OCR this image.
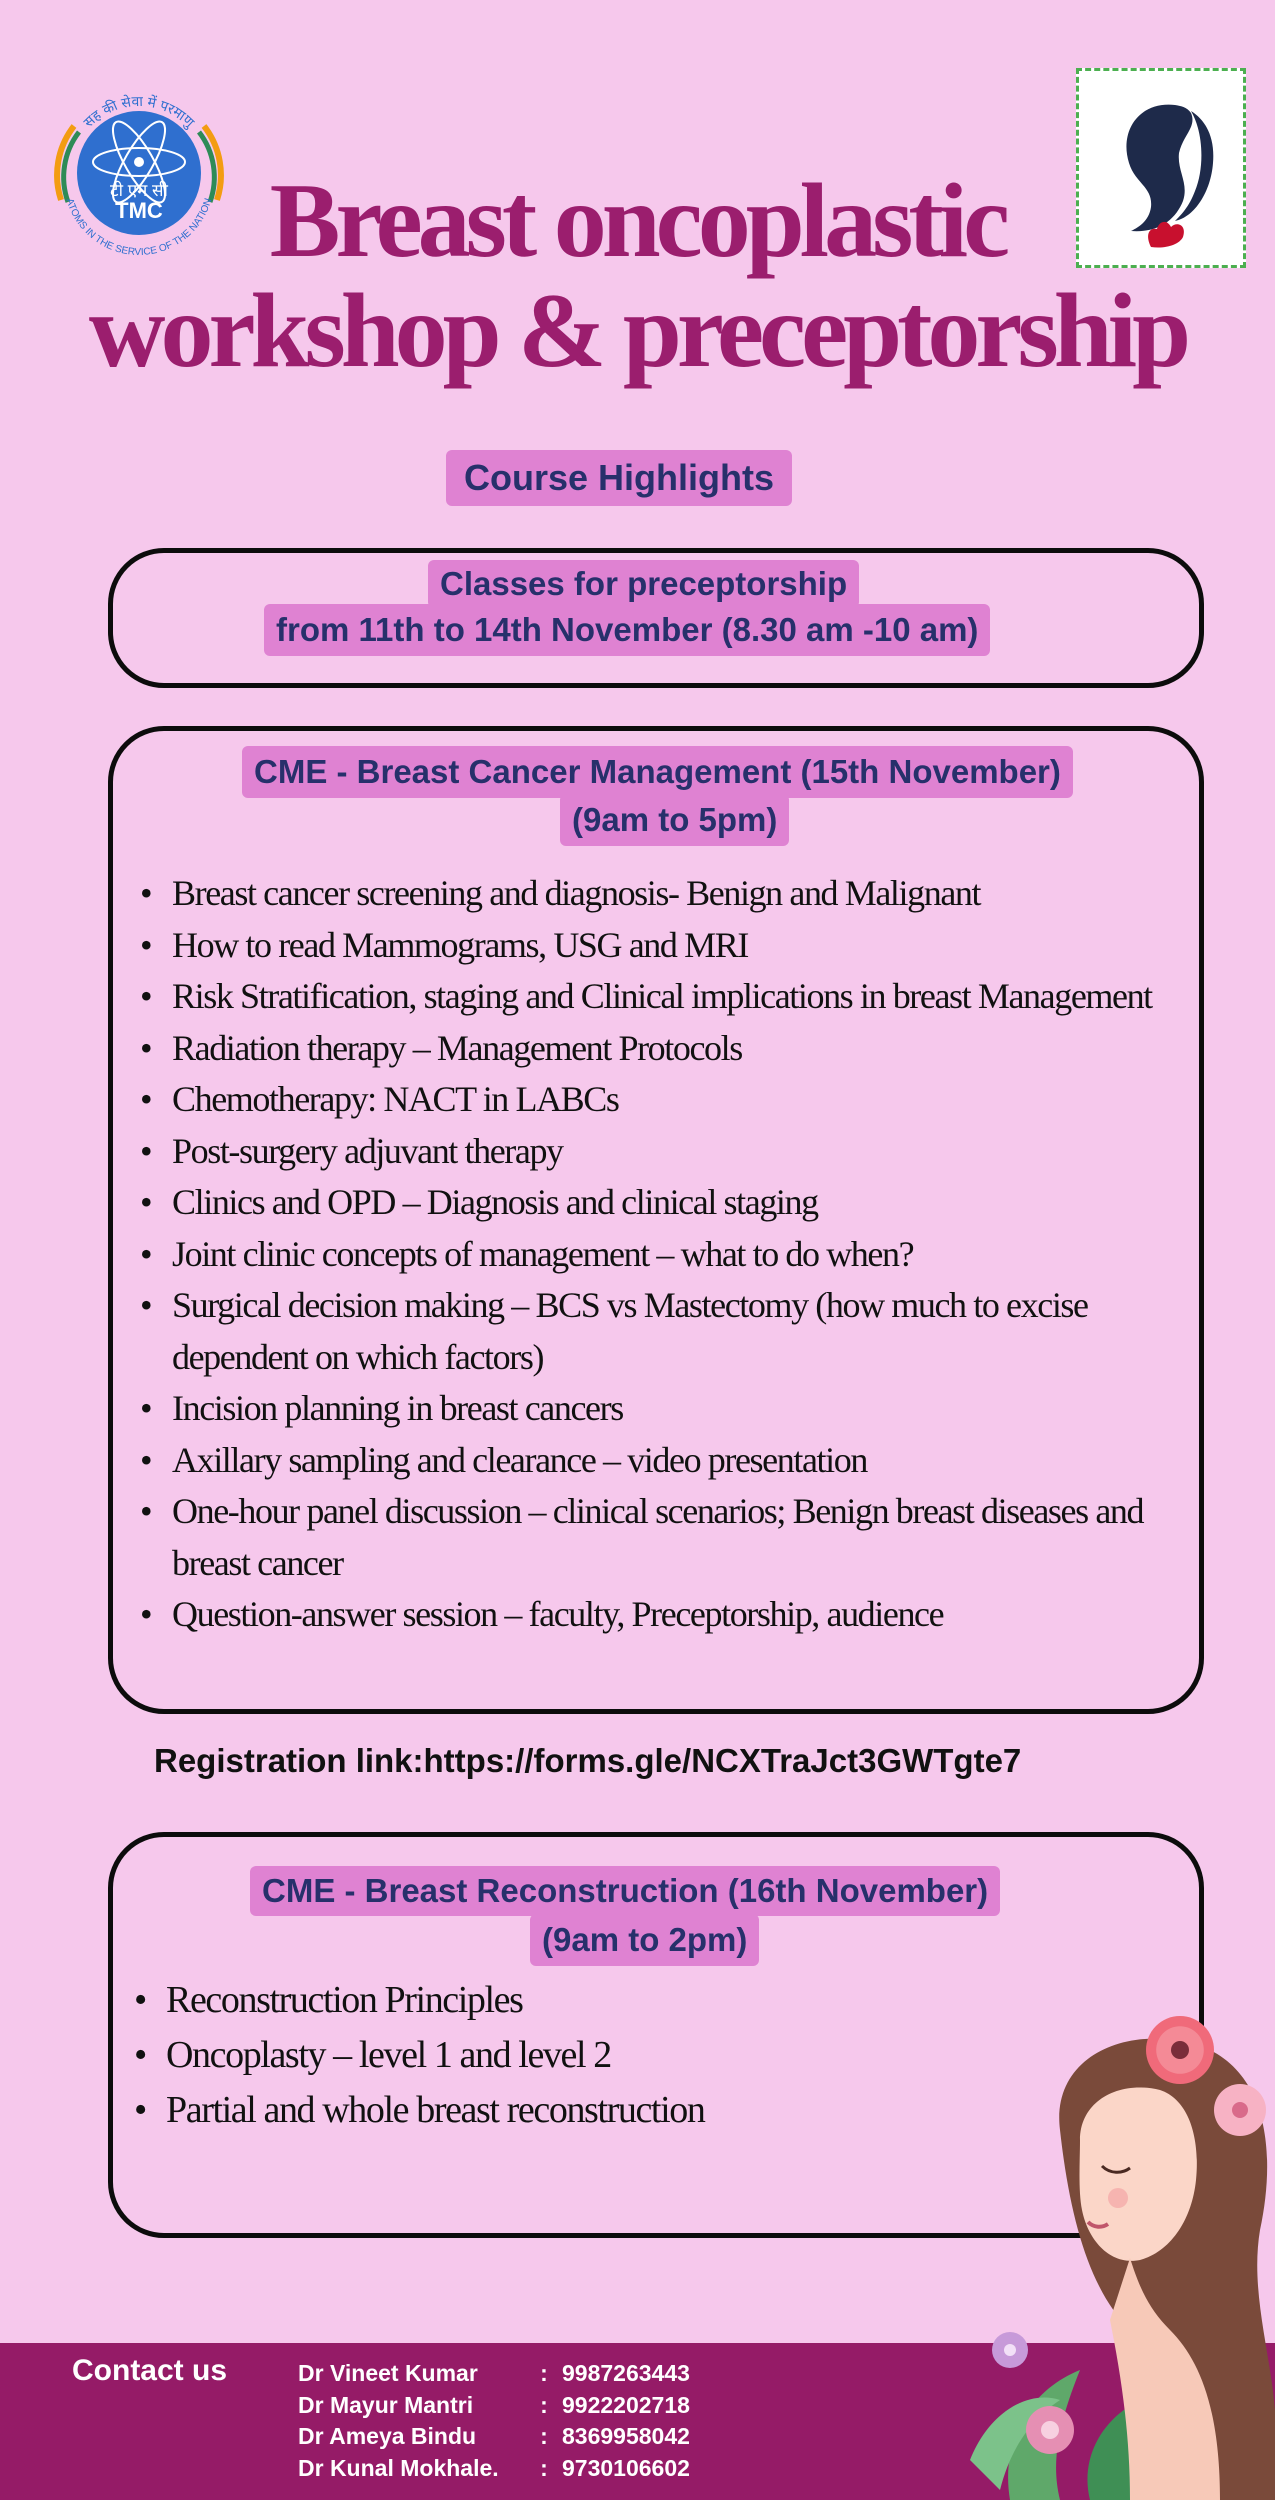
सह की सेवा में परमाणु
ATOMS IN THE SERVICE OF THE NATION
टी एम सी
TMC	Breast oncoplastic
workshop & preceptorship
Course Highlights
Classes for preceptorship
from 11th to 14th November (8.30 am -10 am)
CME - Breast Cancer Management (15th November)
(9am to 5pm)
• Breast cancer screening and diagnosis- Benign and Malignant
• How to read Mammograms, USG and MRI
• Risk Stratification, staging and Clinical implications in breast Management
• Radiation therapy – Management Protocols
• Chemotherapy: NACT in LABCs
• Post-surgery adjuvant therapy
• Clinics and OPD – Diagnosis and clinical staging
• Joint clinic concepts of management – what to do when?
• Surgical decision making – BCS vs Mastectomy (how much to excise dependent on which factors)
• Incision planning in breast cancers
• Axillary sampling and clearance – video presentation
• One-hour panel discussion – clinical scenarios; Benign breast diseases and breast cancer
• Question-answer session – faculty, Preceptorship, audience
Registration link:https://forms.gle/NCXTraJct3GWTgte7
CME - Breast Reconstruction (16th November)
(9am to 2pm)
• Reconstruction Principles
• Oncoplasty – level 1 and level 2
• Partial and whole breast reconstruction
Contact us	Dr Vineet Kumar	: 9987263443
Dr Mayur Mantri	: 9922202718
Dr Ameya Bindu	: 8369958042
Dr Kunal Mokhale. : 9730106602
